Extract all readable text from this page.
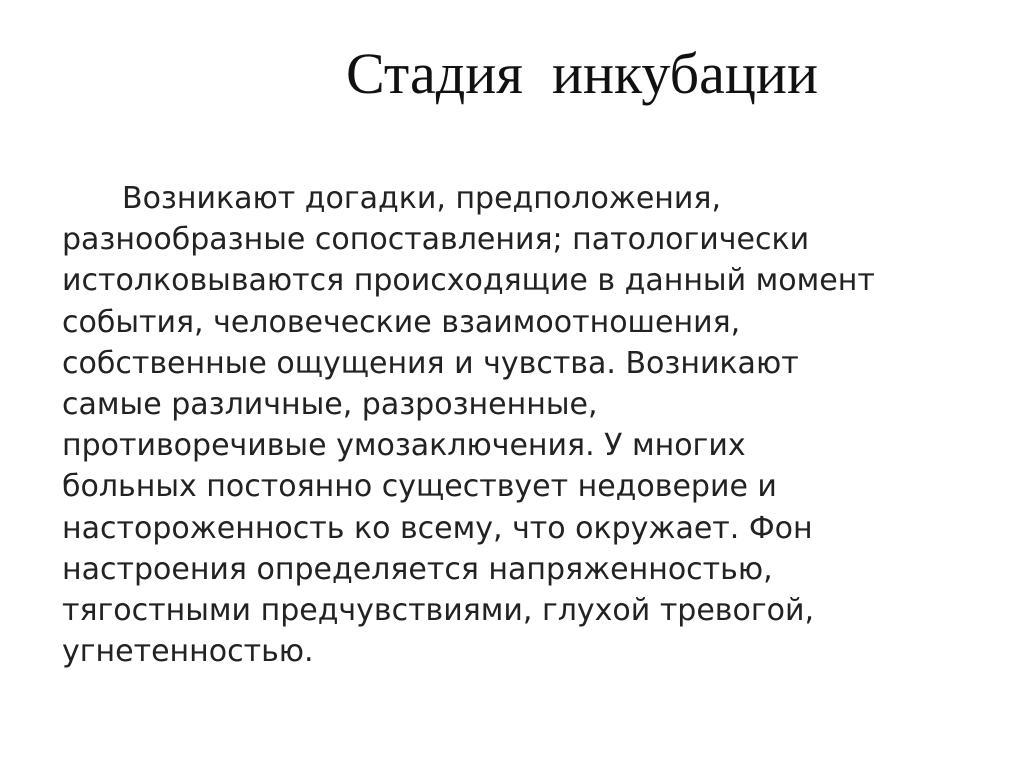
Стадия  инкубации
Возникают догадки, предположения,
разнообразные сопоставления; патологически
истолковываются происходящие в данный момент
события, человеческие взаимоотношения,
собственные ощущения и чувства. Возникают
самые различные, разрозненные,
противоречивые умозаключения. У многих
больных постоянно существует недоверие и
настороженность ко всему, что окружает. Фон
настроения определяется напряженностью,
тягостными предчувствиями, глухой тревогой,
угнетенностью.
